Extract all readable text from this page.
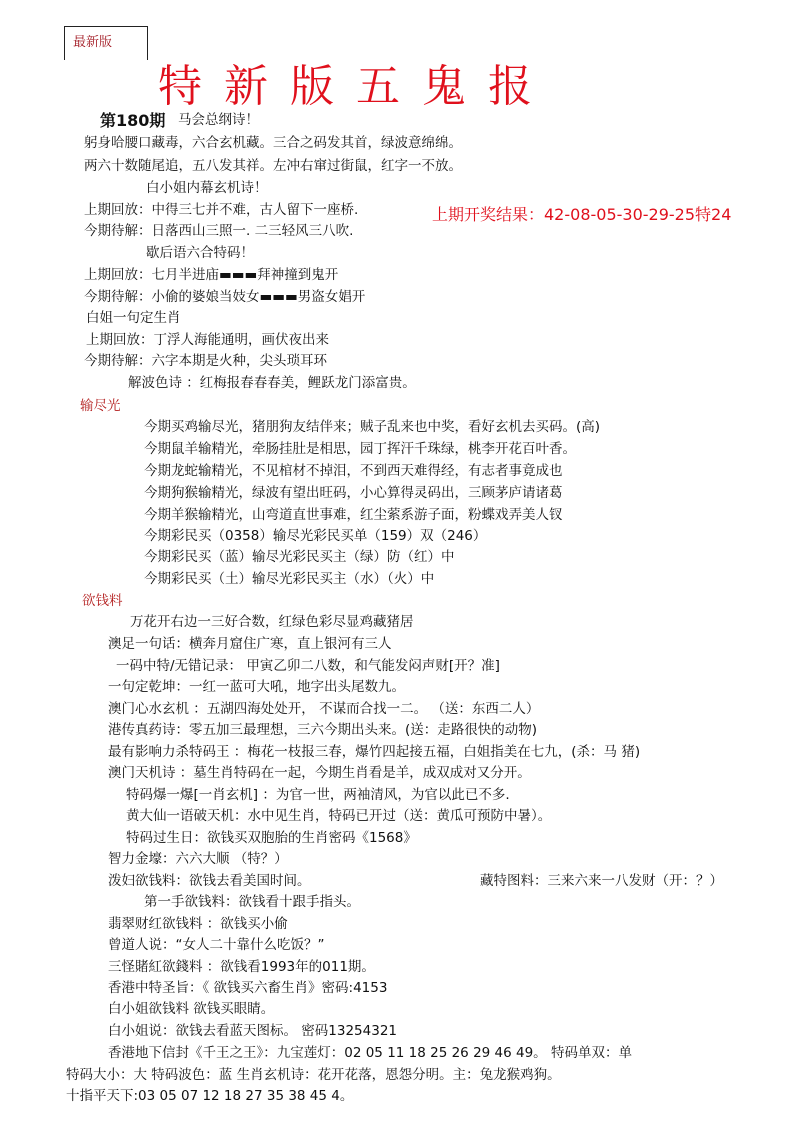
最新版
特新版五鬼报
第180期 马会总纲诗！
躬身哈腰口藏毒，六合玄机藏。三合之码发其首，绿波意绵绵。
两六十数随尾追，五八发其祥。左冲右窜过街鼠，红字一不放。
白小姐内幕玄机诗！
上期回放：中得三七并不难，古人留下一座桥.	上期开奖结果：42-08-05-30-29-25特24
今期待解：日落西山三照一. 二三轻风三八吹.
歇后语六合特码！
上期回放：七月半进庙▬▬▬拜神撞到鬼开
今期待解：小偷的婆娘当妓女▬▬▬男盗女娼开
白姐一句定生肖
上期回放：丁浮人海能通明，画伏夜出来
今期待解：六字本期是火种，尖头琐耳环
解波色诗 ：红梅报春春春美，鲤跃龙门添富贵。
输尽光
今期买鸡输尽光，猪朋狗友结伴来；贼子乱来也中奖，看好玄机去买码。(高)
今期鼠羊输精光，牵肠挂肚是相思，园丁挥汗千珠绿，桃李开花百叶香。
今期龙蛇输精光，不见棺材不掉泪，不到西天难得经，有志者事竟成也
今期狗猴输精光，绿波有望出旺码，小心算得灵码出，三顾茅庐请诸葛
今期羊猴输精光，山弯道直世事难，红尘萦系游子面，粉蝶戏弄美人钗
今期彩民买（0358）输尽光彩民买单（159）双（246）
今期彩民买（蓝）输尽光彩民买主（绿）防（红）中
今期彩民买（土）输尽光彩民买主（水）（火）中
欲钱料
万花开右边一三好合数，红绿色彩尽显鸡藏猪居
澳足一句话：横奔月窟住广寒，直上银河有三人
一码中特/无错记录： 甲寅乙卯二八数，和气能发闷声财[开？准]
一句定乾坤：一红一蓝可大吼，地字出头尾数九。
澳门心水玄机 ：五湖四海处处开， 不谋而合找一二。 （送：东西二人）
港传真药诗：零五加三最理想，三六今期出头来。(送：走路很快的动物)
最有影响力杀特码王 ：梅花一枝报三春，爆竹四起接五福，白姐指美在七九，(杀：马 猪)
澳门天机诗 ：墓生肖特码在一起，今期生肖看是羊，成双成对又分开。
特码爆一爆[一肖玄机] ：为官一世，两袖清风，为官以此已不多.
黄大仙一语破天机：水中见生肖，特码已开过（送：黄瓜可预防中暑）。
特码过生日：欲钱买双胞胎的生肖密码《1568》
智力金壕：六六大顺 （特？）
泼妇欲钱料：欲钱去看美国时间。	藏特图料：三来六来一八发财（开：？）
第一手欲钱料：欲钱看十跟手指头。
翡翠财红欲钱料 ：欲钱买小偷
曾道人说：“女人二十靠什么吃饭？”
三怪賭紅欲錢料 ：欲钱看1993年的011期。
香港中特圣旨：《 欲钱买六畜生肖》密码:4153
白小姐欲钱料 欲钱买眼睛。
白小姐说：欲钱去看蓝天图标。 密码13254321
香港地下信封《千王之王》：九宝莲灯：02 05 11 18 25 26 29 46 49。 特码单双：单
特码大小：大 特码波色：蓝 生肖玄机诗：花开花落，恩怨分明。主：兔龙猴鸡狗。
十指平天下:03 05 07 12 18 27 35 38 45 4。
